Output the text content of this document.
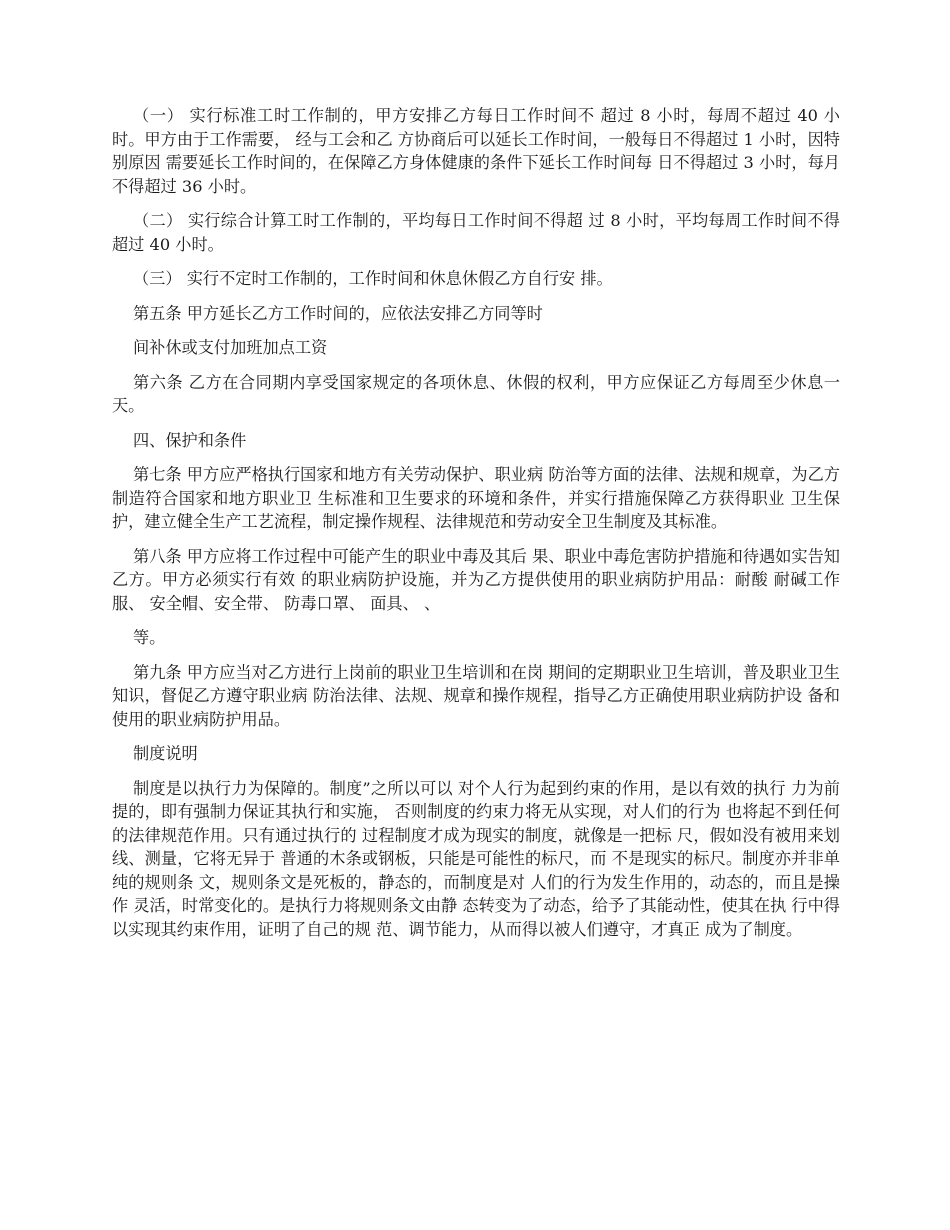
（一） 实行标准工时工作制的，甲方安排乙方每日工作时间不 超过 8 小时，每周不超过 40 小时。甲方由于工作需要， 经与工会和乙 方协商后可以延长工作时间，一般每日不得超过 1 小时，因特别原因 需要延长工作时间的，在保障乙方身体健康的条件下延长工作时间每 日不得超过 3 小时，每月不得超过 36 小时。

（二） 实行综合计算工时工作制的，平均每日工作时间不得超 过 8 小时，平均每周工作时间不得超过 40 小时。

（三） 实行不定时工作制的，工作时间和休息休假乙方自行安 排。

第五条 甲方延长乙方工作时间的，应依法安排乙方同等时

间补休或支付加班加点工资

第六条 乙方在合同期内享受国家规定的各项休息、休假的权利，甲方应保证乙方每周至少休息一天。

四、保护和条件

第七条 甲方应严格执行国家和地方有关劳动保护、职业病 防治等方面的法律、法规和规章，为乙方制造符合国家和地方职业卫 生标准和卫生要求的环境和条件，并实行措施保障乙方获得职业 卫生保护，建立健全生产工艺流程，制定操作规程、法律规范和劳动安全卫生制度及其标准。

第八条 甲方应将工作过程中可能产生的职业中毒及其后 果、职业中毒危害防护措施和待遇如实告知乙方。甲方必须实行有效 的职业病防护设施，并为乙方提供使用的职业病防护用品：耐酸 耐碱工作服、 安全帽、安全带、 防毒口罩、 面具、 、

等。

第九条 甲方应当对乙方进行上岗前的职业卫生培训和在岗 期间的定期职业卫生培训，普及职业卫生知识，督促乙方遵守职业病 防治法律、法规、规章和操作规程，指导乙方正确使用职业病防护设 备和使用的职业病防护用品。

制度说明

制度是以执行力为保障的。制度”之所以可以 对个人行为起到约束的作用，是以有效的执行 力为前提的，即有强制力保证其执行和实施， 否则制度的约束力将无从实现，对人们的行为 也将起不到任何的法律规范作用。只有通过执行的 过程制度才成为现实的制度，就像是一把标 尺，假如没有被用来划线、测量，它将无异于 普通的木条或钢板，只能是可能性的标尺，而 不是现实的标尺。制度亦并非单纯的规则条 文，规则条文是死板的，静态的，而制度是对 人们的行为发生作用的，动态的，而且是操作 灵活，时常变化的。是执行力将规则条文由静 态转变为了动态，给予了其能动性，使其在执 行中得以实现其约束作用，证明了自己的规 范、调节能力，从而得以被人们遵守，才真正 成为了制度。
